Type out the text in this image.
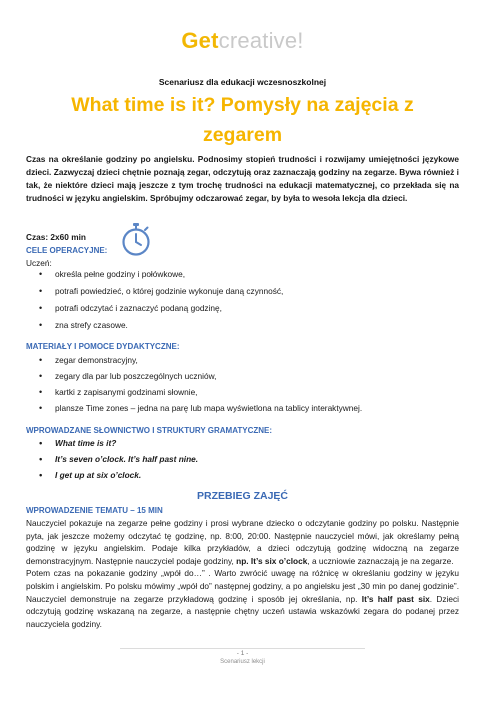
Getcreative!
Scenariusz dla edukacji wczesnoszkolnej
What time is it? Pomysły na zajęcia z zegarem

Czas na określanie godziny po angielsku. Podnosimy stopień trudności i rozwijamy umiejętności językowe dzieci. Zazwyczaj dzieci chętnie poznają zegar, odczytują oraz zaznaczają godziny na zegarze. Bywa również i tak, że niektóre dzieci mają jeszcze z tym trochę trudności na edukacji matematycznej, co przekłada się na trudności w języku angielskim. Spróbujmy odczarować zegar, by była to wesoła lekcja dla dzieci.

Czas: 2x60 min
CELE OPERACYJNE:
Uczeń:
• określa pełne godziny i połówkowe,
• potrafi powiedzieć, o której godzinie wykonuje daną czynność,
• potrafi odczytać i zaznaczyć podaną godzinę,
• zna strefy czasowe.
MATERIAŁY I POMOCE DYDAKTYCZNE:
• zegar demonstracyjny,
• zegary dla par lub poszczególnych uczniów,
• kartki z zapisanymi godzinami słownie,
• plansze Time zones – jedna na parę lub mapa wyświetlona na tablicy interaktywnej.
WPROWADZANE SŁOWNICTWO I STRUKTURY GRAMATYCZNE:
• What time is it?
• It’s seven o’clock. It’s half past nine.
• I get up at six o’clock.
PRZEBIEG ZAJĘĆ
WPROWADZENIE TEMATU – 15 MIN

Nauczyciel pokazuje na zegarze pełne godziny i prosi wybrane dziecko o odczytanie godziny po polsku. Następnie pyta, jak jeszcze możemy odczytać tę godzinę, np. 8:00, 20:00. Następnie nauczyciel mówi, jak określamy pełną godzinę w języku angielskim. Podaje kilka przykładów, a dzieci odczytują godzinę widoczną na zegarze demonstracyjnym. Następnie nauczyciel podaje godziny, np. It’s six o’clock, a uczniowie zaznaczają je na zegarze.

Potem czas na pokazanie godziny „wpół do…” . Warto zwrócić uwagę na różnicę w określaniu godziny w języku polskim i angielskim. Po polsku mówimy „wpół do” następnej godziny, a po angielsku jest „30 min po danej godzinie”. Nauczyciel demonstruje na zegarze przykładową godzinę i sposób jej określania, np. It’s half past six. Dzieci odczytują godzinę wskazaną na zegarze, a następnie chętny uczeń ustawia wskazówki zegara do podanej przez nauczyciela godziny.

- 1 -
Scenariusz lekcji
